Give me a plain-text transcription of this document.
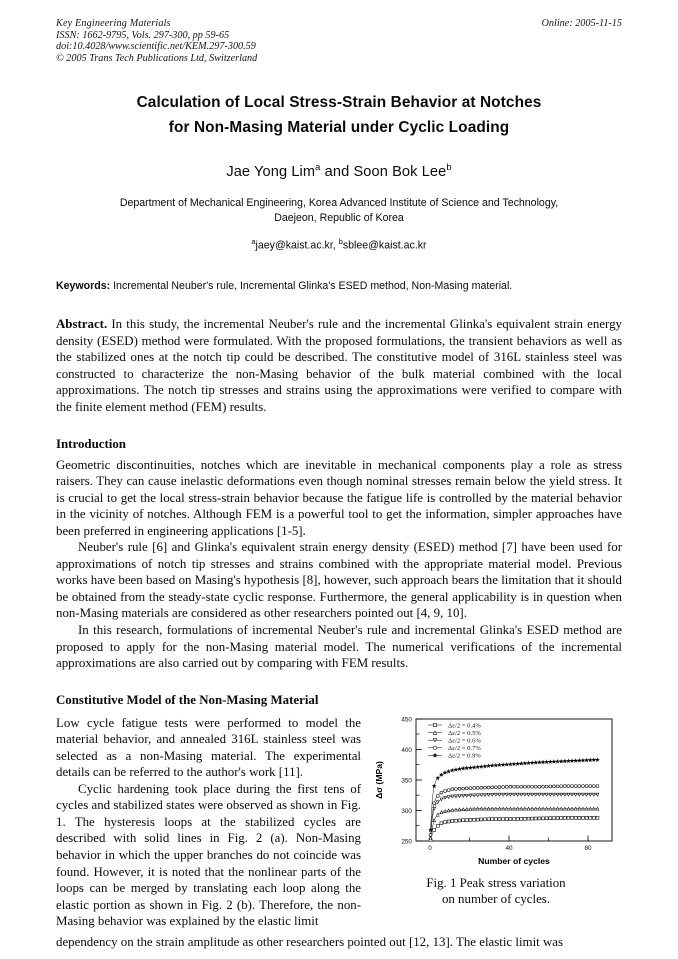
Key Engineering Materials
ISSN: 1662-9795, Vols. 297-300, pp 59-65
doi:10.4028/www.scientific.net/KEM.297-300.59
© 2005 Trans Tech Publications Ltd, Switzerland
Online: 2005-11-15
Calculation of Local Stress-Strain Behavior at Notches
for Non-Masing Material under Cyclic Loading
Jae Yong Lim$^a$ and Soon Bok Lee$^b$
Department of Mechanical Engineering, Korea Advanced Institute of Science and Technology,
Daejeon, Republic of Korea
$^a$jaey@kaist.ac.kr, $^b$sblee@kaist.ac.kr
Keywords: Incremental Neuber's rule, Incremental Glinka's ESED method, Non-Masing material.
Abstract. In this study, the incremental Neuber's rule and the incremental Glinka's equivalent strain energy density (ESED) method were formulated. With the proposed formulations, the transient behaviors as well as the stabilized ones at the notch tip could be described. The constitutive model of 316L stainless steel was constructed to characterize the non-Masing behavior of the bulk material combined with the local approximations. The notch tip stresses and strains using the approximations were verified to compare with the finite element method (FEM) results.
Introduction

Geometric discontinuities, notches which are inevitable in mechanical components play a role as stress raisers. They can cause inelastic deformations even though nominal stresses remain below the yield stress. It is crucial to get the local stress-strain behavior because the fatigue life is controlled by the material behavior in the vicinity of notches. Although FEM is a powerful tool to get the information, simpler approaches have been preferred in engineering applications [1-5].

Neuber's rule [6] and Glinka's equivalent strain energy density (ESED) method [7] have been used for approximations of notch tip stresses and strains combined with the appropriate material model. Previous works have been based on Masing's hypothesis [8], however, such approach bears the limitation that it should be obtained from the steady-state cyclic response. Furthermore, the general applicability is in question when non-Masing materials are considered as other researchers pointed out [4, 9, 10].

In this research, formulations of incremental Neuber's rule and incremental Glinka's ESED method are proposed to apply for the non-Masing material model. The numerical verifications of the incremental approximations are also carried out by comparing with FEM results.

Constitutive Model of the Non-Masing Material
450
400
350
300
250
0	40	80
Δσ (MPa)
Number of cycles
Δε/2 = 0.4%
Δε/2 = 0.5%
Δε/2 = 0.6%
Δε/2 = 0.7%
Δε/2 = 0.9%
Fig. 1 Peak stress variation
on number of cycles.

Low cycle fatigue tests were performed to model the material behavior, and annealed 316L stainless steel was selected as a non-Masing material. The experimental details can be referred to the author's work [11].

Cyclic hardening took place during the first tens of cycles and stabilized states were observed as shown in Fig. 1. The hysteresis loops at the stabilized cycles are described with solid lines in Fig. 2 (a). Non-Masing behavior in which the upper branches do not coincide was found. However, it is noted that the nonlinear parts of the loops can be merged by translating each loop along the elastic portion as shown in Fig. 2 (b). Therefore, the non-Masing behavior was explained by the elastic limit

dependency on the strain amplitude as other researchers pointed out [12, 13]. The elastic limit was
